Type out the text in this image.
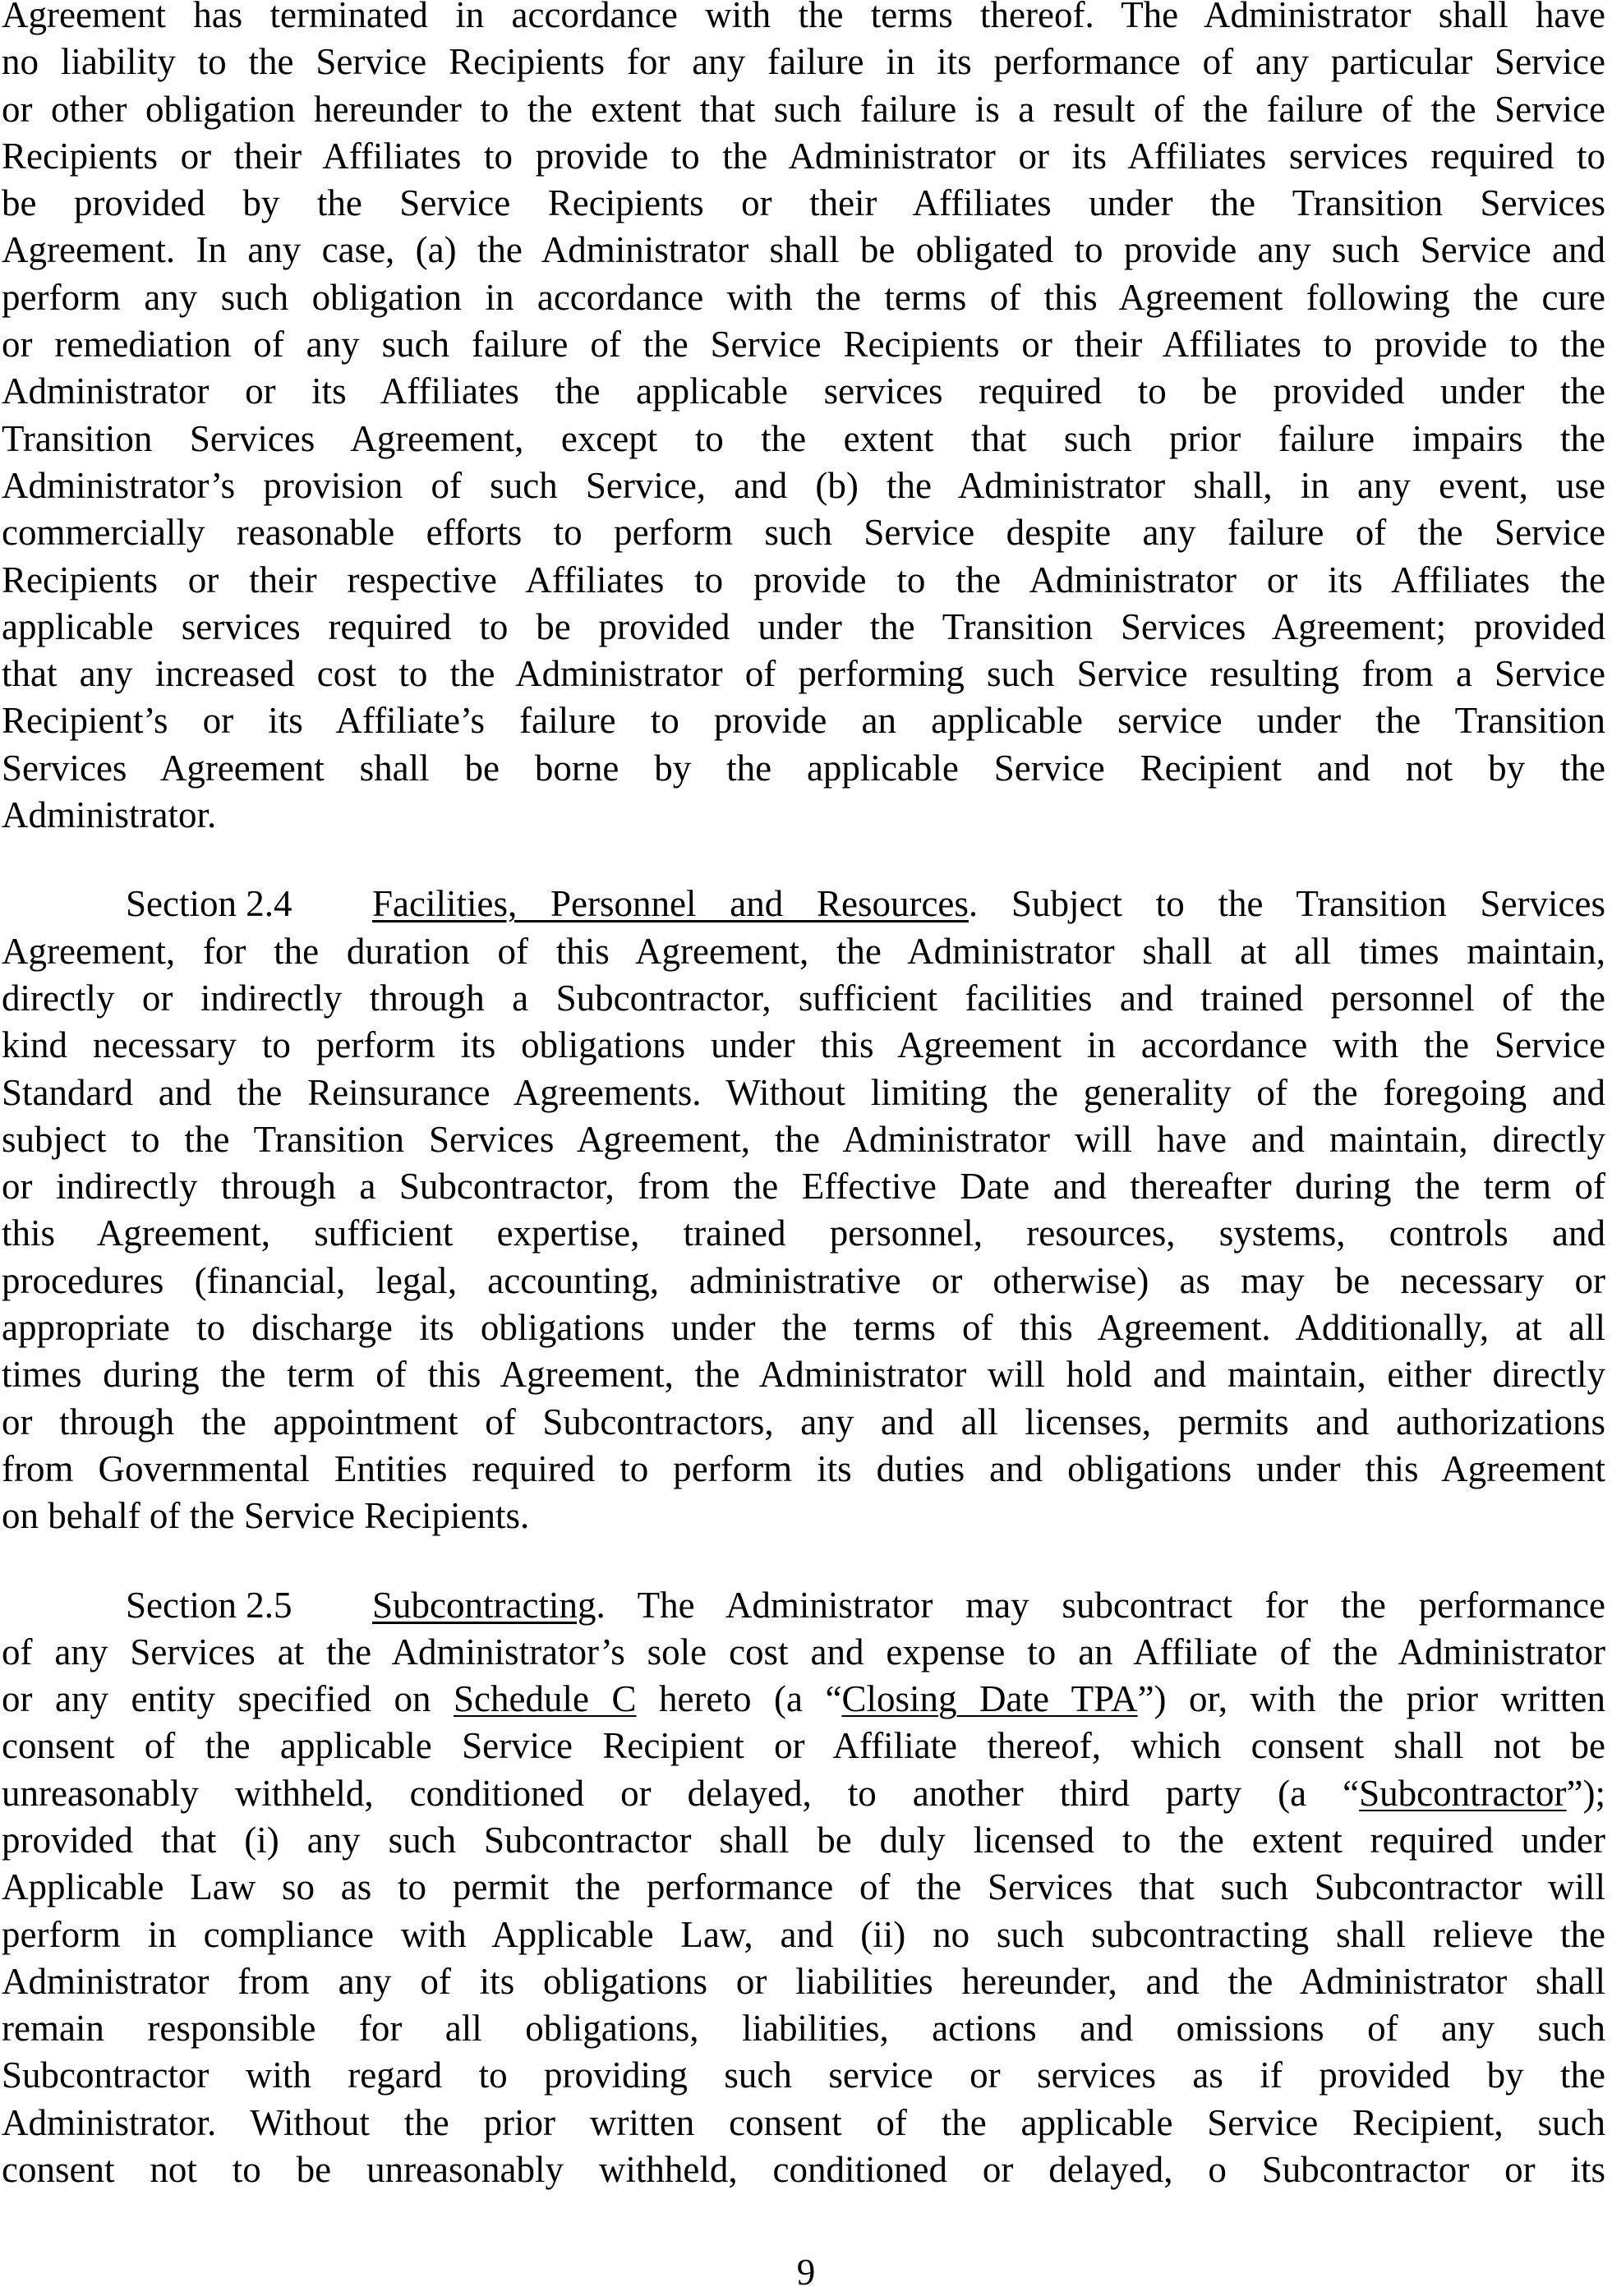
Agreement has terminated in accordance with the terms thereof. The Administrator shall have
no liability to the Service Recipients for any failure in its performance of any particular Service
or other obligation hereunder to the extent that such failure is a result of the failure of the Service
Recipients or their Affiliates to provide to the Administrator or its Affiliates services required to
be provided by the Service Recipients or their Affiliates under the Transition Services
Agreement. In any case, (a) the Administrator shall be obligated to provide any such Service and
perform any such obligation in accordance with the terms of this Agreement following the cure
or remediation of any such failure of the Service Recipients or their Affiliates to provide to the
Administrator or its Affiliates the applicable services required to be provided under the
Transition Services Agreement, except to the extent that such prior failure impairs the
Administrator’s provision of such Service, and (b) the Administrator shall, in any event, use
commercially reasonable efforts to perform such Service despite any failure of the Service
Recipients or their respective Affiliates to provide to the Administrator or its Affiliates the
applicable services required to be provided under the Transition Services Agreement; provided
that any increased cost to the Administrator of performing such Service resulting from a Service
Recipient’s or its Affiliate’s failure to provide an applicable service under the Transition
Services Agreement shall be borne by the applicable Service Recipient and not by the
Administrator.
Section 2.4 Facilities, Personnel and Resources. Subject to the Transition Services
Agreement, for the duration of this Agreement, the Administrator shall at all times maintain,
directly or indirectly through a Subcontractor, sufficient facilities and trained personnel of the
kind necessary to perform its obligations under this Agreement in accordance with the Service
Standard and the Reinsurance Agreements. Without limiting the generality of the foregoing and
subject to the Transition Services Agreement, the Administrator will have and maintain, directly
or indirectly through a Subcontractor, from the Effective Date and thereafter during the term of
this Agreement, sufficient expertise, trained personnel, resources, systems, controls and
procedures (financial, legal, accounting, administrative or otherwise) as may be necessary or
appropriate to discharge its obligations under the terms of this Agreement. Additionally, at all
times during the term of this Agreement, the Administrator will hold and maintain, either directly
or through the appointment of Subcontractors, any and all licenses, permits and authorizations
from Governmental Entities required to perform its duties and obligations under this Agreement
on behalf of the Service Recipients.
Section 2.5 Subcontracting. The Administrator may subcontract for the performance
of any Services at the Administrator’s sole cost and expense to an Affiliate of the Administrator
or any entity specified on Schedule C hereto (a “Closing Date TPA”) or, with the prior written
consent of the applicable Service Recipient or Affiliate thereof, which consent shall not be
unreasonably withheld, conditioned or delayed, to another third party (a “Subcontractor”);
provided that (i) any such Subcontractor shall be duly licensed to the extent required under
Applicable Law so as to permit the performance of the Services that such Subcontractor will
perform in compliance with Applicable Law, and (ii) no such subcontracting shall relieve the
Administrator from any of its obligations or liabilities hereunder, and the Administrator shall
remain responsible for all obligations, liabilities, actions and omissions of any such
Subcontractor with regard to providing such service or services as if provided by the
Administrator. Without the prior written consent of the applicable Service Recipient, such
consent not to be unreasonably withheld, conditioned or delayed, o Subcontractor or its
9
